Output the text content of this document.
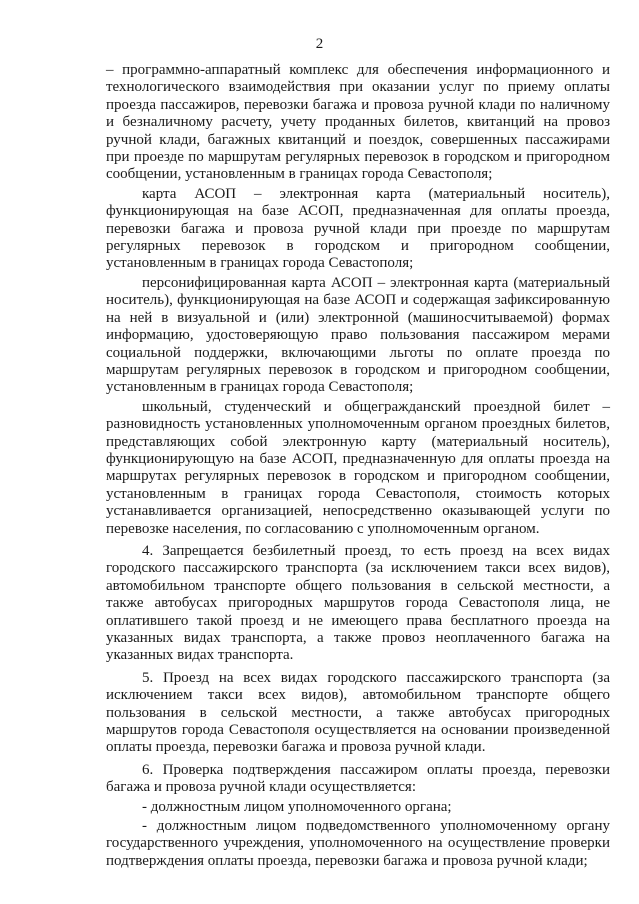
2

– программно-аппаратный комплекс для обеспечения информационного и технологического взаимодействия при оказании услуг по приему оплаты проезда пассажиров, перевозки багажа и провоза ручной клади по наличному и безналичному расчету, учету проданных билетов, квитанций на провоз ручной клади, багажных квитанций и поездок, совершенных пассажирами при проезде по маршрутам регулярных перевозок в городском и пригородном сообщении, установленным в границах города Севастополя;

карта АСОП – электронная карта (материальный носитель), функционирующая на базе АСОП, предназначенная для оплаты проезда, перевозки багажа и провоза ручной клади при проезде по маршрутам регулярных перевозок в городском и пригородном сообщении, установленным в границах города Севастополя;

персонифицированная карта АСОП – электронная карта (материальный носитель), функционирующая на базе АСОП и содержащая зафиксированную на ней в визуальной и (или) электронной (машиносчитываемой) формах информацию, удостоверяющую право пользования пассажиром мерами социальной поддержки, включающими льготы по оплате проезда по маршрутам регулярных перевозок в городском и пригородном сообщении, установленным в границах города Севастополя;

школьный, студенческий и общегражданский проездной билет – разновидность установленных уполномоченным органом проездных билетов, представляющих собой электронную карту (материальный носитель), функционирующую на базе АСОП, предназначенную для оплаты проезда на маршрутах регулярных перевозок в городском и пригородном сообщении, установленным в границах города Севастополя, стоимость которых устанавливается организацией, непосредственно оказывающей услуги по перевозке населения, по согласованию с уполномоченным органом.

4. Запрещается безбилетный проезд, то есть проезд на всех видах городского пассажирского транспорта (за исключением такси всех видов), автомобильном транспорте общего пользования в сельской местности, а также автобусах пригородных маршрутов города Севастополя лица, не оплатившего такой проезд и не имеющего права бесплатного проезда на указанных видах транспорта, а также провоз неоплаченного багажа на указанных видах транспорта.

5. Проезд на всех видах городского пассажирского транспорта (за исключением такси всех видов), автомобильном транспорте общего пользования в сельской местности, а также автобусах пригородных маршрутов города Севастополя осуществляется на основании произведенной оплаты проезда, перевозки багажа и провоза ручной клади.

6. Проверка подтверждения пассажиром оплаты проезда, перевозки багажа и провоза ручной клади осуществляется:

- должностным лицом уполномоченного органа;

- должностным лицом подведомственного уполномоченному органу государственного учреждения, уполномоченного на осуществление проверки подтверждения оплаты проезда, перевозки багажа и провоза ручной клади;
